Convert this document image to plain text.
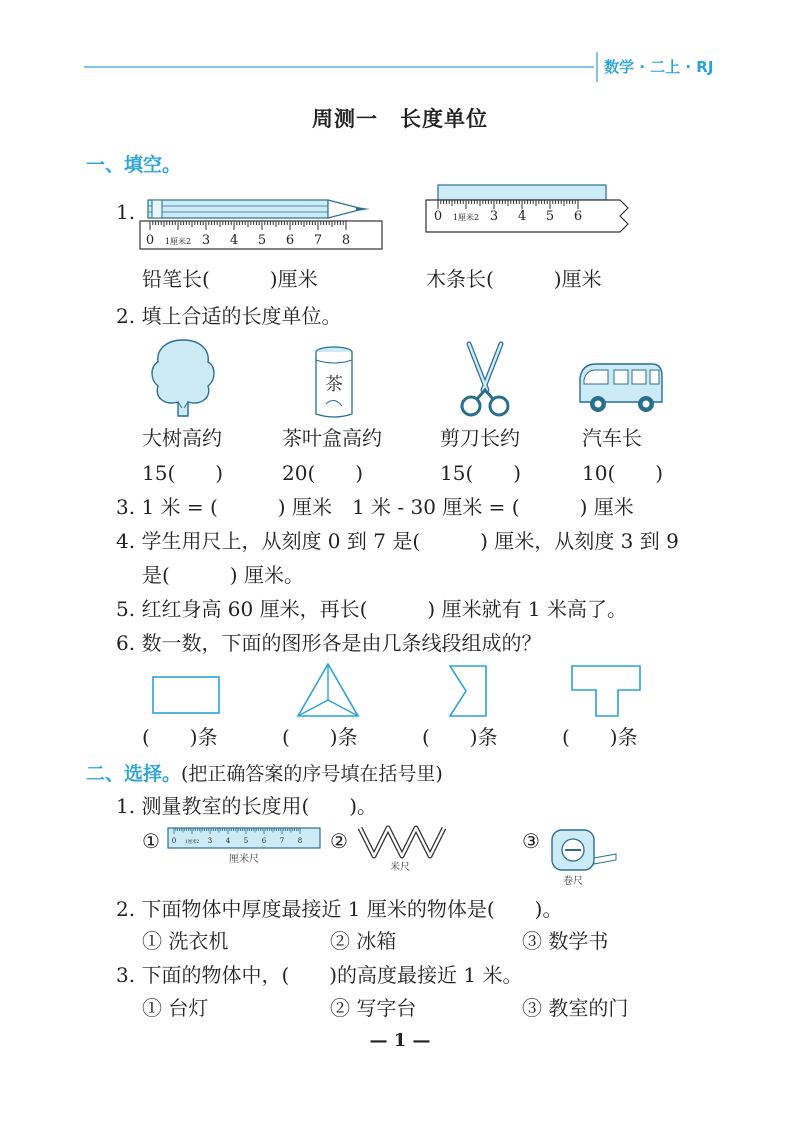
数学 · 二上 · RJ
周测一　长度单位
一、填空。
1.
0 1厘米2 3 4 5 6 7 8
0 1厘米2 3 4 5 6
铅笔长(　　　)厘米	木条长(　　　)厘米
2. 填上合适的长度单位。
茶
大树高约	茶叶盒高约	剪刀长约	汽车长
15(　　)	20(　　)	15(　　)	10(　　)
3. 1 米 = (　　　) 厘米　1 米 - 30 厘米 = (　　　) 厘米
4. 学生用尺上，从刻度 0 到 7 是(　　　) 厘米，从刻度 3 到 9
是(　　　) 厘米。
5. 红红身高 60 厘米，再长(　　　) 厘米就有 1 米高了。
6. 数一数，下面的图形各是由几条线段组成的？
(　　)条	(　　)条	(　　)条	(　　)条
二、选择。(把正确答案的序号填在括号里)
1. 测量教室的长度用(　　)。
① 0 1厘米2 3 4 5 6 7 8
厘米尺
②
米尺
③
卷尺
2. 下面物体中厚度最接近 1 厘米的物体是(　　)。
① 洗衣机	② 冰箱	③ 数学书
3. 下面的物体中，(　　)的高度最接近 1 米。
① 台灯	② 写字台	③ 教室的门
— 1 —
